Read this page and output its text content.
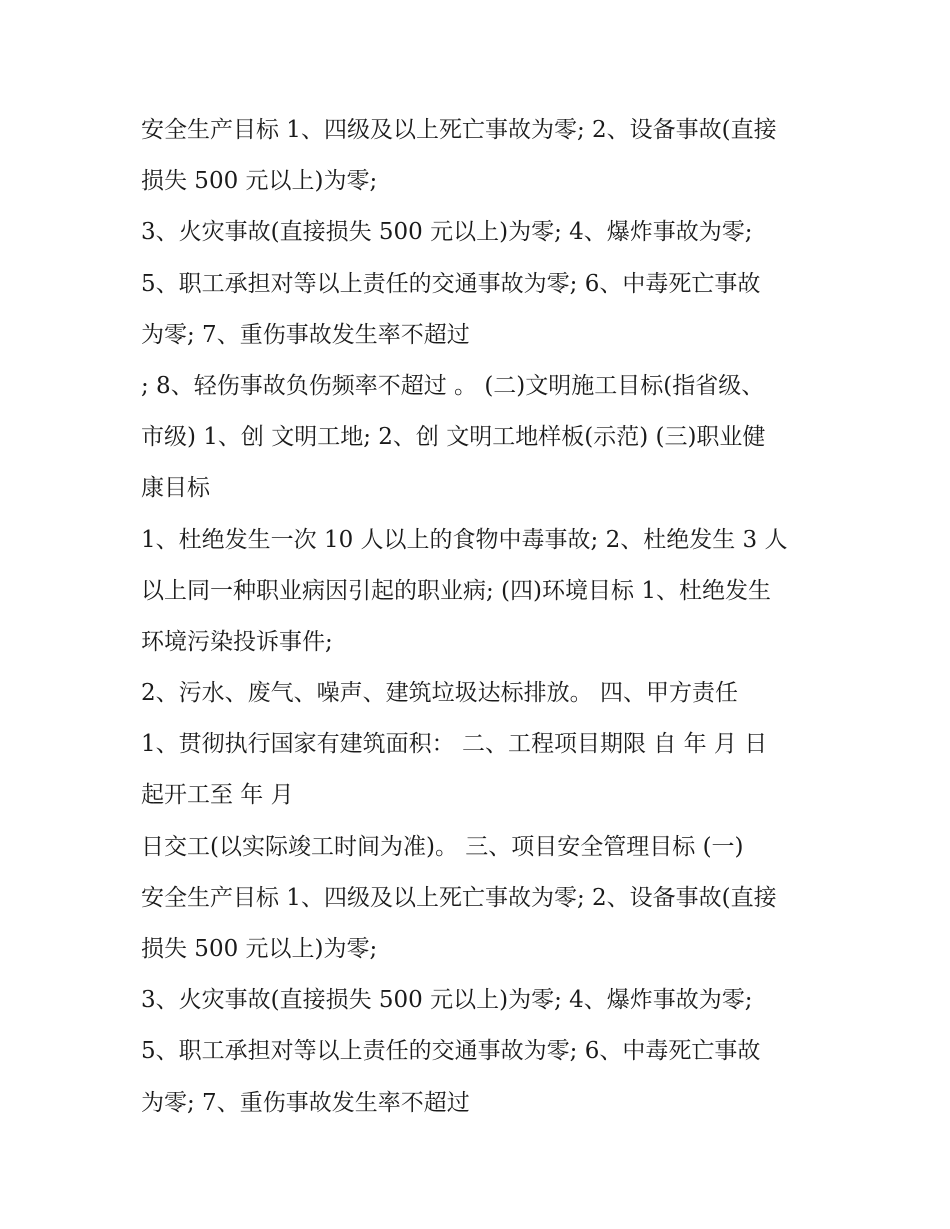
安全生产目标 1、四级及以上死亡事故为零; 2、设备事故(直接
损失 500 元以上)为零;
3、火灾事故(直接损失 500 元以上)为零; 4、爆炸事故为零;
5、职工承担对等以上责任的交通事故为零; 6、中毒死亡事故
为零; 7、重伤事故发生率不超过
; 8、轻伤事故负伤频率不超过 。 (二)文明施工目标(指省级、
市级) 1、创 文明工地; 2、创 文明工地样板(示范) (三)职业健
康目标
1、杜绝发生一次 10 人以上的食物中毒事故; 2、杜绝发生 3 人
以上同一种职业病因引起的职业病; (四)环境目标 1、杜绝发生
环境污染投诉事件;
2、污水、废气、噪声、建筑垃圾达标排放。 四、甲方责任
1、贯彻执行国家有建筑面积： 二、工程项目期限 自 年 月 日
起开工至 年 月
日交工(以实际竣工时间为准)。 三、项目安全管理目标 (一)
安全生产目标 1、四级及以上死亡事故为零; 2、设备事故(直接
损失 500 元以上)为零;
3、火灾事故(直接损失 500 元以上)为零; 4、爆炸事故为零;
5、职工承担对等以上责任的交通事故为零; 6、中毒死亡事故
为零; 7、重伤事故发生率不超过
